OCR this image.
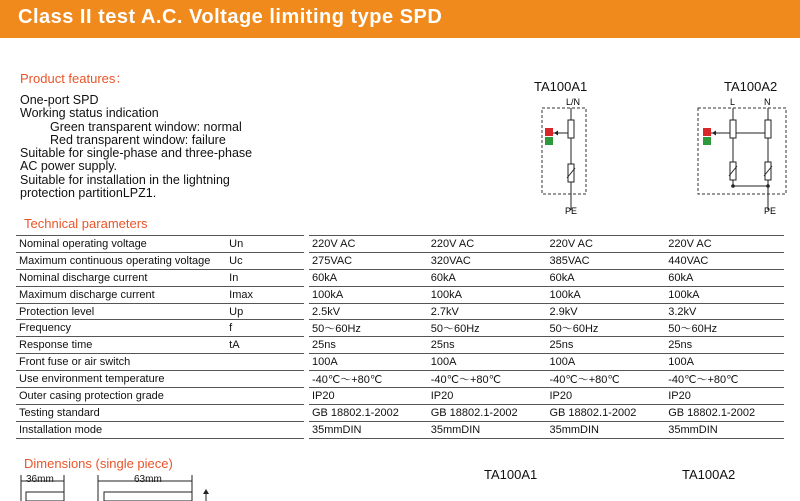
Class II test A.C. Voltage limiting type SPD
Product features：
One-port SPD
Working status indication
Green transparent window: normal
Red transparent window: failure
Suitable for single-phase and three-phase
AC power supply.
Suitable for installation in the lightning
protection partitionLPZ1.
TA100A1	TA100A2
L/N
PE
L	N
PE
Technical parameters
Nominal operating voltage	Un		220V AC	220V AC	220V AC	220V AC
Maximum continuous operating voltage	Uc		275VAC	320VAC	385VAC	440VAC
Nominal discharge current	In		60kA	60kA	60kA	60kA
Maximum discharge current	Imax		100kA	100kA	100kA	100kA
Protection level	Up		2.5kV	2.7kV	2.9kV	3.2kV
Frequency	f		50～60Hz	50～60Hz	50～60Hz	50～60Hz
Response time	tA		25ns	25ns	25ns	25ns
Front fuse or air switch			100A	100A	100A	100A
Use environment temperature			-40℃～+80℃	-40℃～+80℃	-40℃～+80℃	-40℃～+80℃
Outer casing protection grade			IP20	IP20	IP20	IP20
Testing standard			GB 18802.1-2002	GB 18802.1-2002	GB 18802.1-2002	GB 18802.1-2002
Installation mode			35mmDIN	35mmDIN	35mmDIN	35mmDIN
Dimensions (single piece)
TA100A1	TA100A2
36mm	63mm
